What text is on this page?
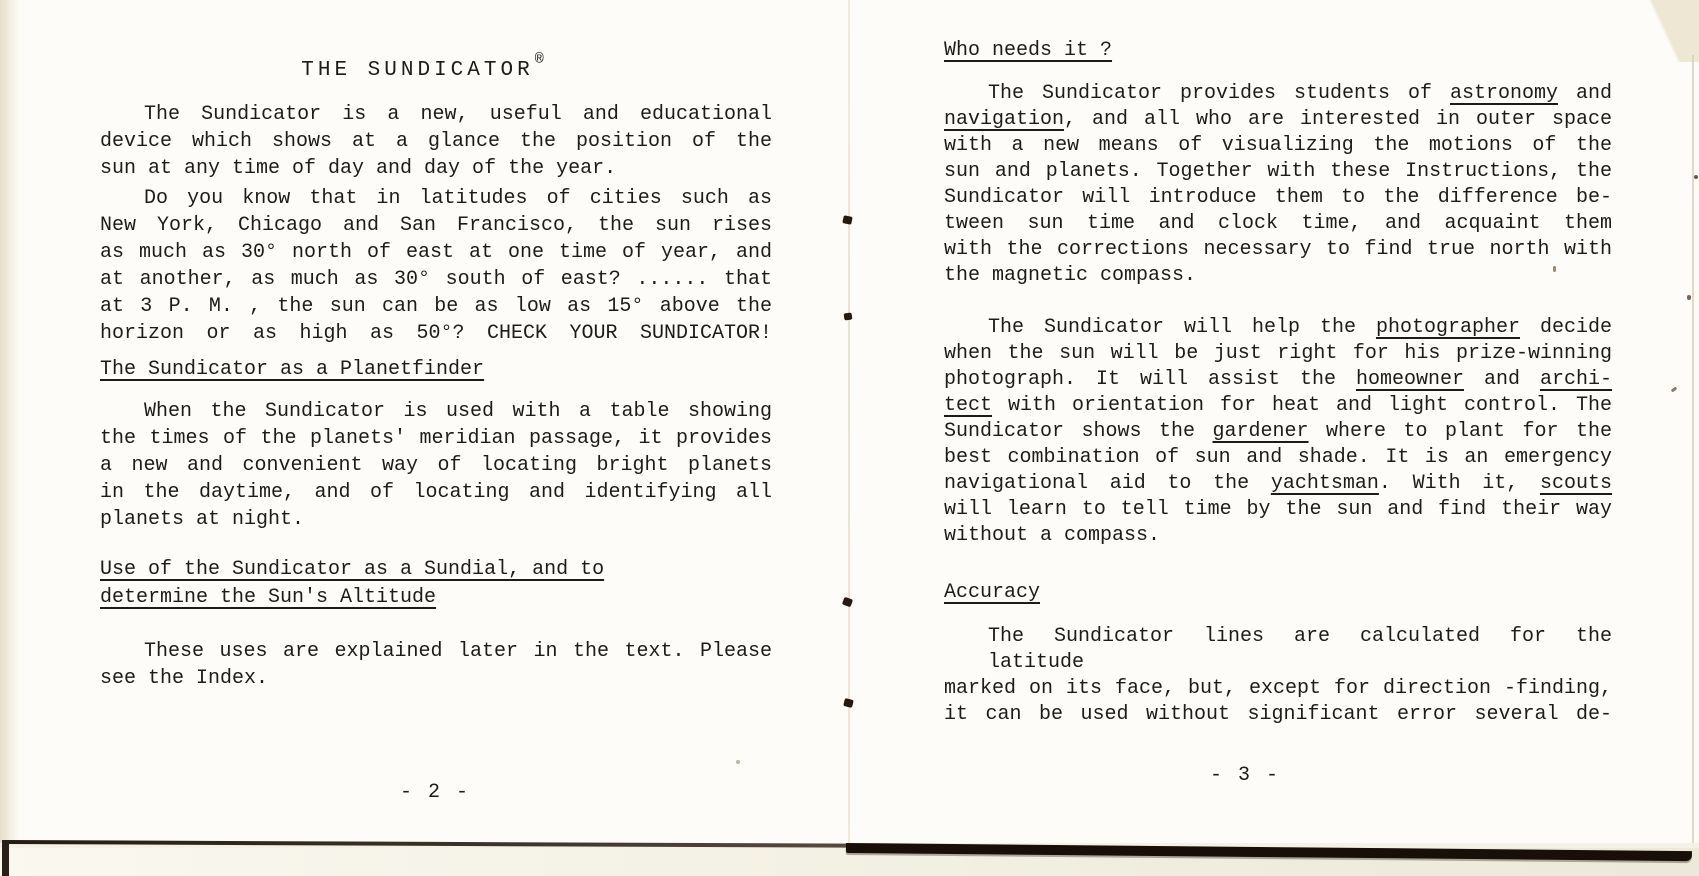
THE SUNDICATOR®
The Sundicator is a new, useful and educational
device which shows at a glance the position of the
sun at any time of day and day of the year.
Do you know that in latitudes of cities such as
New York, Chicago and San Francisco, the sun rises
as much as 30° north of east at one time of year, and
at another, as much as 30° south of east? ...... that
at 3 P. M. , the sun can be as low as 15° above the
horizon or as high as 50°? CHECK YOUR SUNDICATOR!
The Sundicator as a Planetfinder
When the Sundicator is used with a table showing
the times of the planets' meridian passage, it provides
a new and convenient way of locating bright planets
in the daytime, and of locating and identifying all
planets at night.
Use of the Sundicator as a Sundial, and to
determine the Sun's Altitude
These uses are explained later in the text. Please
see the Index.
- 2 -
Who needs it ?
The Sundicator provides students of astronomy and
navigation, and all who are interested in outer space
with a new means of visualizing the motions of the
sun and planets. Together with these Instructions, the
Sundicator will introduce them to the difference be-
tween sun time and clock time, and acquaint them
with the corrections necessary to find true north with
the magnetic compass.
The Sundicator will help the photographer decide
when the sun will be just right for his prize-winning
photograph. It will assist the homeowner and archi-
tect with orientation for heat and light control. The
Sundicator shows the gardener where to plant for the
best combination of sun and shade. It is an emergency
navigational aid to the yachtsman. With it, scouts
will learn to tell time by the sun and find their way
without a compass.
Accuracy
The Sundicator lines are calculated for the latitude
marked on its face, but, except for direction -finding,
it can be used without significant error several de-
- 3 -
